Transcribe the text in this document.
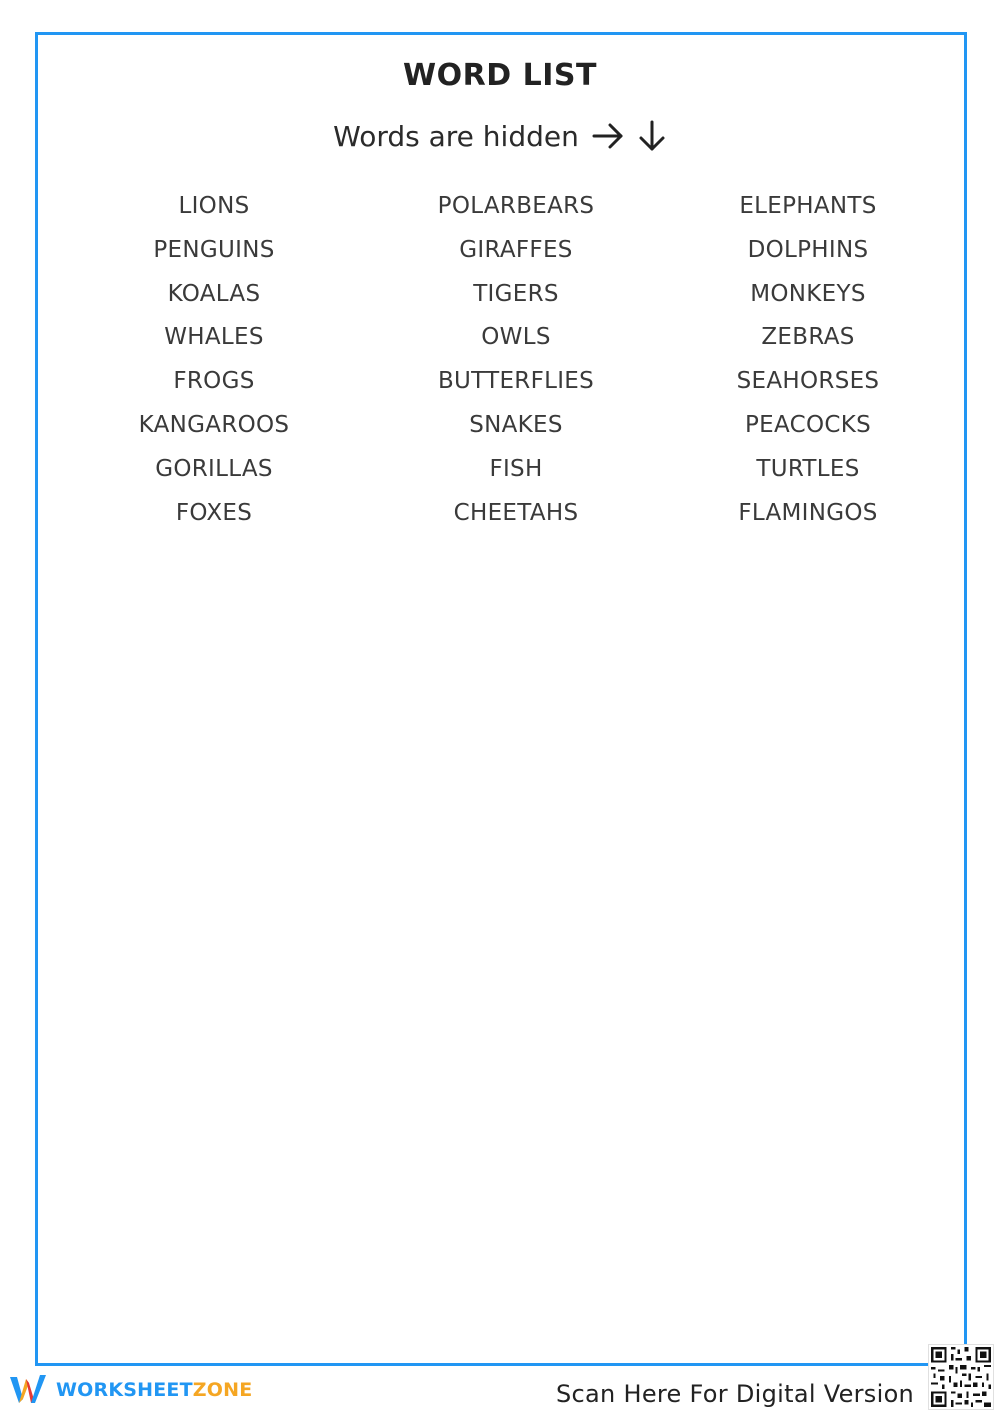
WORD LIST
Words are hidden
LIONS
PENGUINS
KOALAS
WHALES
FROGS
KANGAROOS
GORILLAS
FOXES
POLARBEARS
GIRAFFES
TIGERS
OWLS
BUTTERFLIES
SNAKES
FISH
CHEETAHS
ELEPHANTS
DOLPHINS
MONKEYS
ZEBRAS
SEAHORSES
PEACOCKS
TURTLES
FLAMINGOS
WORKSHEETZONE	Scan Here For Digital Version
